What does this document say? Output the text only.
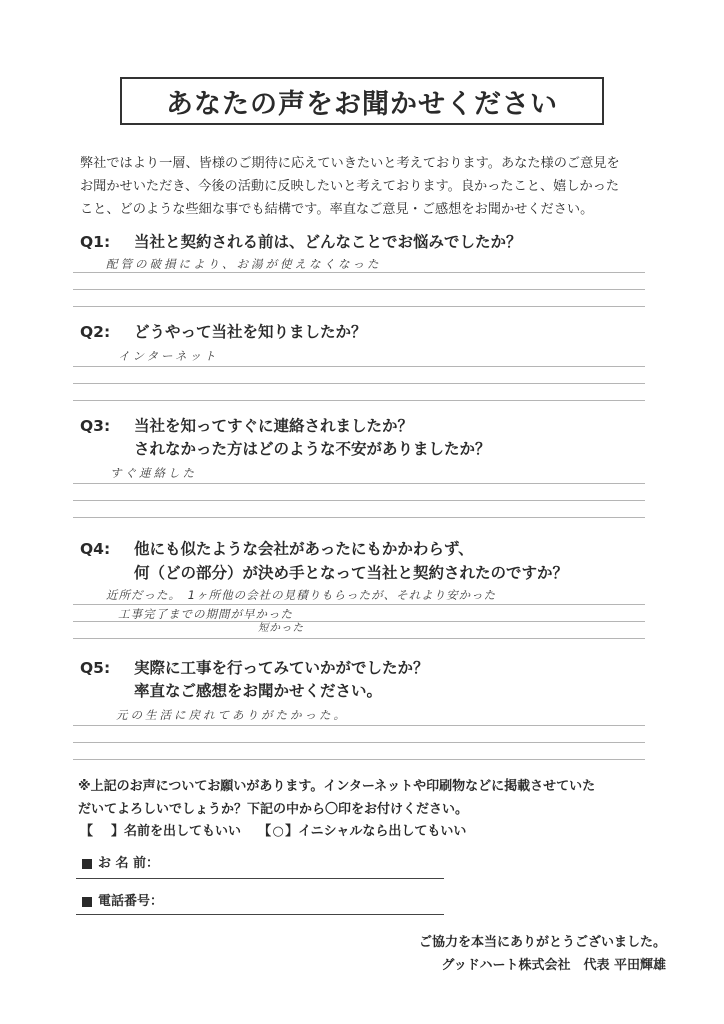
あなたの声をお聞かせください
弊社ではより一層、皆様のご期待に応えていきたいと考えております。あなた様のご意見を
お聞かせいただき、今後の活動に反映したいと考えております。良かったこと、嬉しかった
こと、どのような些細な事でも結構です。率直なご意見・ご感想をお聞かせください。
Q1: 当社と契約される前は、どんなことでお悩みでしたか？
配管の破損により、お湯が使えなくなった
Q2: どうやって当社を知りましたか？
インターネット
Q3: 当社を知ってすぐに連絡されましたか？
されなかった方はどのような不安がありましたか？
すぐ連絡した
Q4: 他にも似たような会社があったにもかかわらず、
何（どの部分）が決め手となって当社と契約されたのですか？
近所だった。　1ヶ所他の会社の見積りもらったが、それより安かった
工事完了までの期間が早かった
短かった
Q5: 実際に工事を行ってみていかがでしたか？
率直なご感想をお聞かせください。
元の生活に戻れてありがたかった。
※上記のお声についてお願いがあります。インターネットや印刷物などに掲載させていた
だいてよろしいでしょうか？下記の中から〇印をお付けください。
【 】名前を出してもいい 【○】イニシャルなら出してもいい
お 名 前：
電話番号：
ご協力を本当にありがとうございました。
グッドハート株式会社　代表 平田輝雄
